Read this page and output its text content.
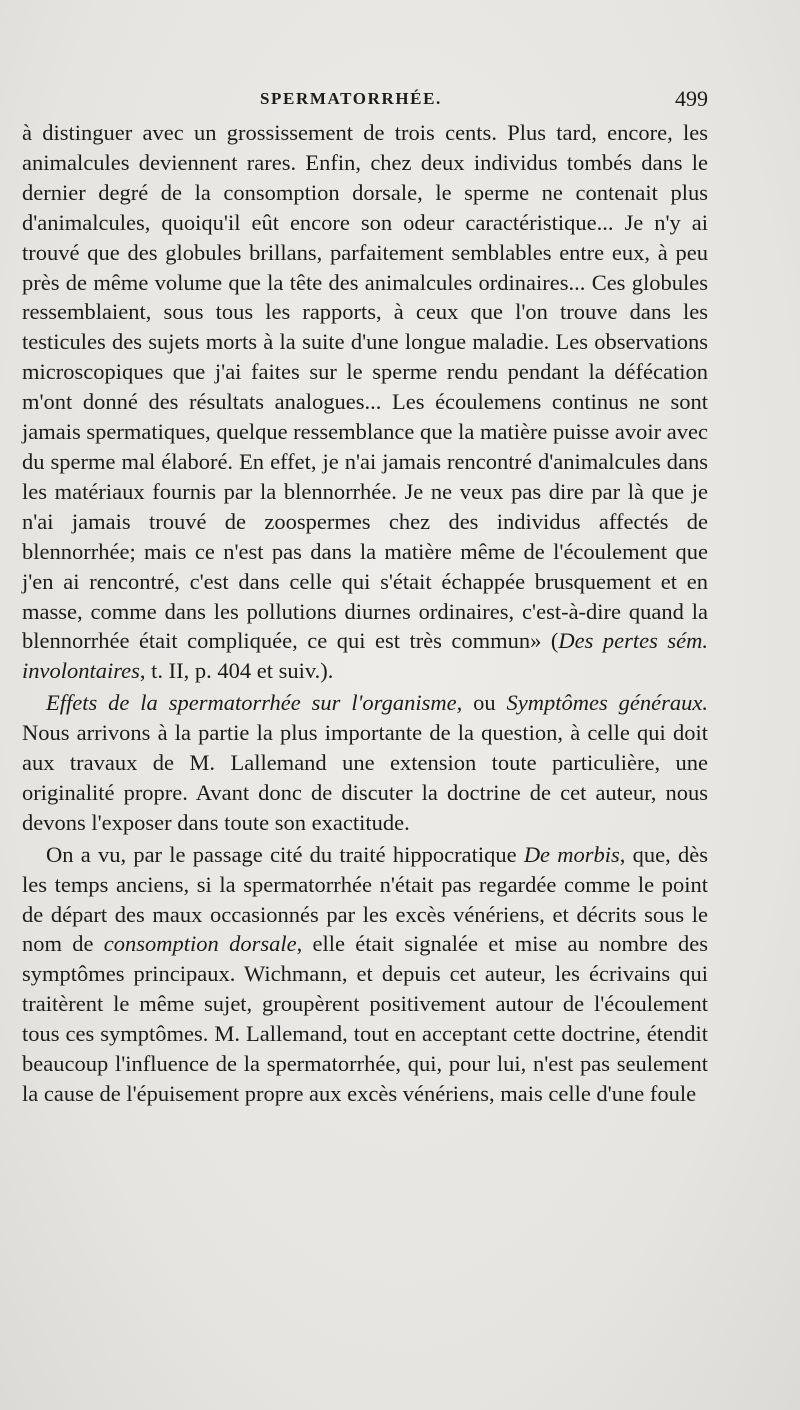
SPERMATORRHÉE.	499

à distinguer avec un grossissement de trois cents. Plus tard, encore, les animalcules deviennent rares. Enfin, chez deux individus tombés dans le dernier degré de la consomption dorsale, le sperme ne contenait plus d'animalcules, quoiqu'il eût encore son odeur caractéristique... Je n'y ai trouvé que des globules brillans, parfaitement semblables entre eux, à peu près de même volume que la tête des animalcules ordinaires... Ces globules ressemblaient, sous tous les rapports, à ceux que l'on trouve dans les testicules des sujets morts à la suite d'une longue maladie. Les observations microscopiques que j'ai faites sur le sperme rendu pendant la défécation m'ont donné des résultats analogues... Les écoulemens continus ne sont jamais spermatiques, quelque ressemblance que la matière puisse avoir avec du sperme mal élaboré. En effet, je n'ai jamais rencontré d'animalcules dans les matériaux fournis par la blennorrhée. Je ne veux pas dire par là que je n'ai jamais trouvé de zoospermes chez des individus affectés de blennorrhée; mais ce n'est pas dans la matière même de l'écoulement que j'en ai rencontré, c'est dans celle qui s'était échappée brusquement et en masse, comme dans les pollutions diurnes ordinaires, c'est-à-dire quand la blennorrhée était compliquée, ce qui est très commun» (Des pertes sém. involontaires, t. II, p. 404 et suiv.).

Effets de la spermatorrhée sur l'organisme, ou Symptômes généraux. Nous arrivons à la partie la plus importante de la question, à celle qui doit aux travaux de M. Lallemand une extension toute particulière, une originalité propre. Avant donc de discuter la doctrine de cet auteur, nous devons l'exposer dans toute son exactitude.

On a vu, par le passage cité du traité hippocratique De morbis, que, dès les temps anciens, si la spermatorrhée n'était pas regardée comme le point de départ des maux occasionnés par les excès vénériens, et décrits sous le nom de consomption dorsale, elle était signalée et mise au nombre des symptômes principaux. Wichmann, et depuis cet auteur, les écrivains qui traitèrent le même sujet, groupèrent positivement autour de l'écoulement tous ces symptômes. M. Lallemand, tout en acceptant cette doctrine, étendit beaucoup l'influence de la spermatorrhée, qui, pour lui, n'est pas seulement la cause de l'épuisement propre aux excès vénériens, mais celle d'une foule
